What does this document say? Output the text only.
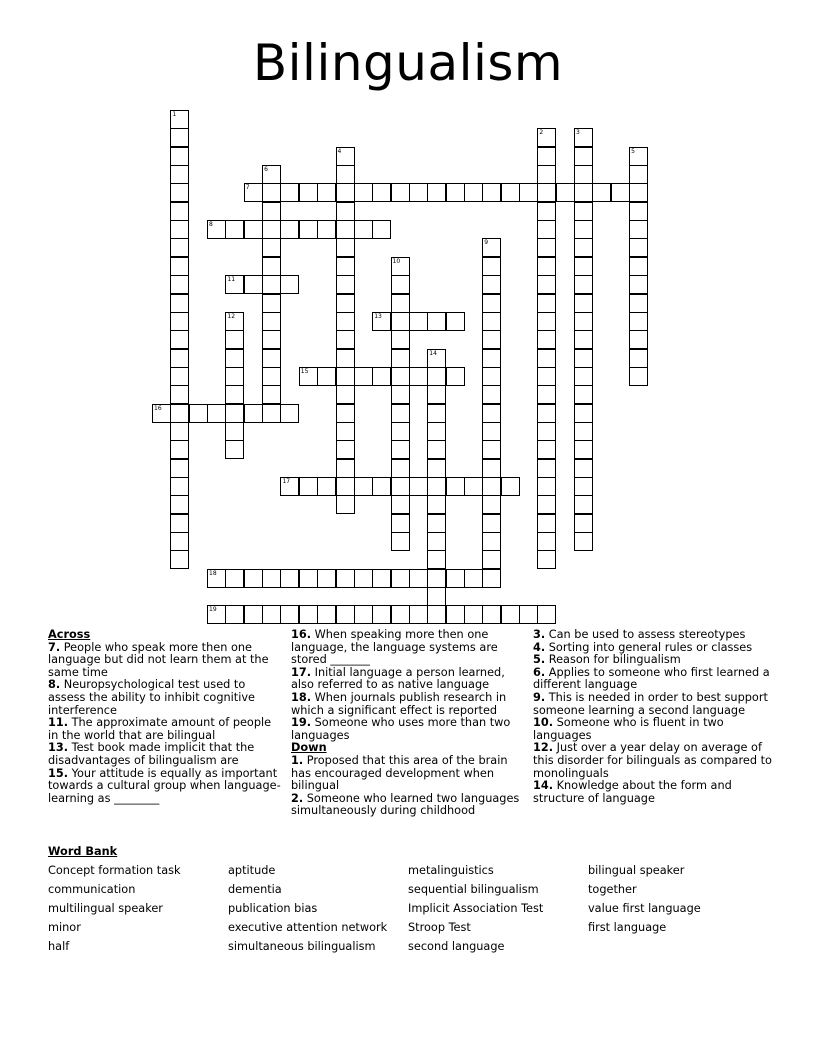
Bilingualism
1
2	3
4	5
6
7
8
9
10
11
12	13
14
15
16
17
18
19
Across
7. People who speak more then one language but did not learn them at the same time
8. Neuropsychological test used to assess the ability to inhibit cognitive interference
11. The approximate amount of people in the world that are bilingual
13. Test book made implicit that the disadvantages of bilingualism are
15. Your attitude is equally as important towards a cultural group when language-learning as ________
16. When speaking more then one language, the language systems are stored _______
17. Initial language a person learned, also referred to as native language
18. When journals publish research in which a significant effect is reported
19. Someone who uses more than two languages
Down
1. Proposed that this area of the brain has encouraged development when bilingual
2. Someone who learned two languages simultaneously during childhood
3. Can be used to assess stereotypes
4. Sorting into general rules or classes
5. Reason for bilingualism
6. Applies to someone who first learned a different language
9. This is needed in order to best support someone learning a second language
10. Someone who is fluent in two languages
12. Just over a year delay on average of this disorder for bilinguals as compared to monolinguals
14. Knowledge about the form and structure of language
Word Bank
Concept formation task	aptitude	metalinguistics	bilingual speaker
communication	dementia	sequential bilingualism	together
multilingual speaker	publication bias	Implicit Association Test	value first language
minor	executive attention network	Stroop Test	first language
half	simultaneous bilingualism	second language
